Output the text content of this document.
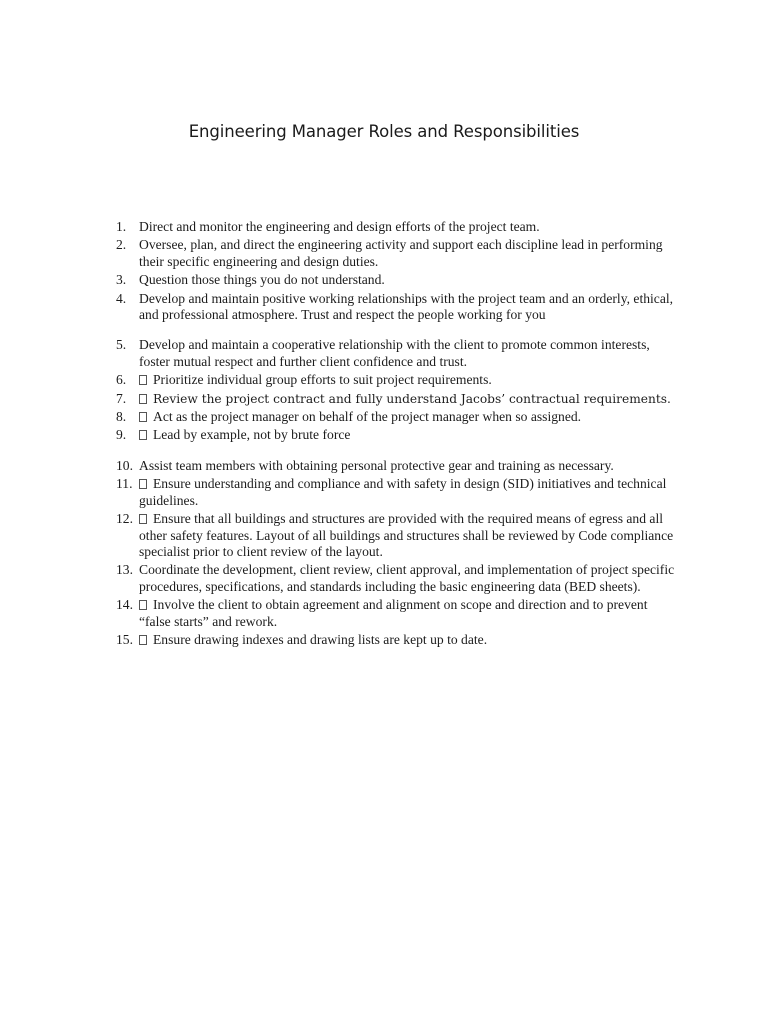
Engineering Manager Roles and Responsibilities
1. Direct and monitor the engineering and design efforts of the project team.
2. Oversee, plan, and direct the engineering activity and support each discipline lead in performing their specific engineering and design duties.
3. Question those things you do not understand.
4. Develop and maintain positive working relationships with the project team and an orderly, ethical, and professional atmosphere. Trust and respect the people working for you
5. Develop and maintain a cooperative relationship with the client to promote common interests, foster mutual respect and further client confidence and trust.
6.	Prioritize individual group efforts to suit project requirements.
7.	Review the project contract and fully understand Jacobs’ contractual requirements.
8.	Act as the project manager on behalf of the project manager when so assigned.
9.	Lead by example, not by brute force
10. Assist team members with obtaining personal protective gear and training as necessary.
11.	Ensure understanding and compliance and with safety in design (SID) initiatives and technical guidelines.
12.	Ensure that all buildings and structures are provided with the required means of egress and all other safety features. Layout of all buildings and structures shall be reviewed by Code compliance specialist prior to client review of the layout.
13. Coordinate the development, client review, client approval, and implementation of project specific procedures, specifications, and standards including the basic engineering data (BED sheets).
14.	Involve the client to obtain agreement and alignment on scope and direction and to prevent “false starts” and rework.
15.	Ensure drawing indexes and drawing lists are kept up to date.
